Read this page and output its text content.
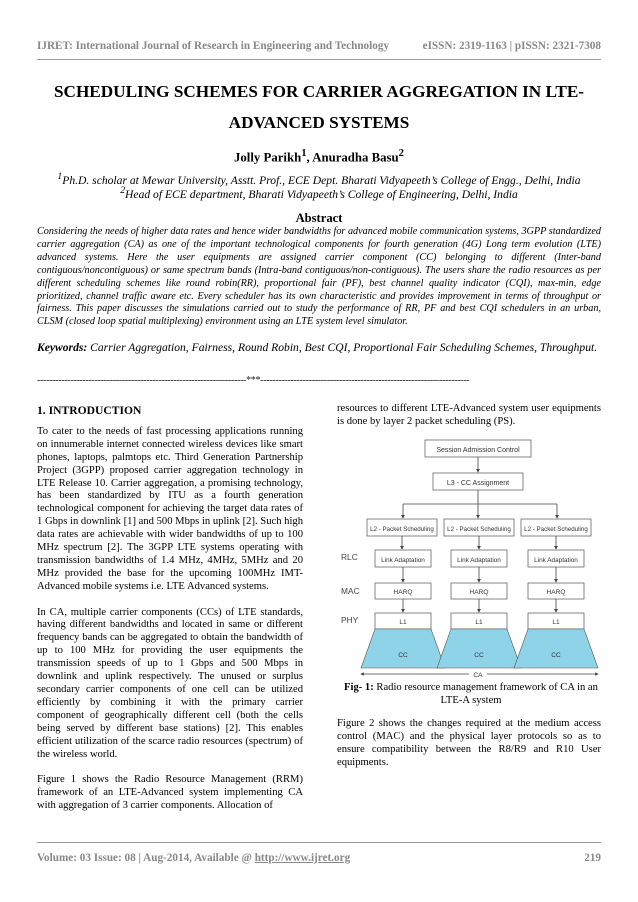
IJRET: International Journal of Research in Engineering and Technology	eISSN: 2319-1163 | pISSN: 2321-7308
SCHEDULING SCHEMES FOR CARRIER AGGREGATION IN LTE-
ADVANCED SYSTEMS
Jolly Parikh$^1$, Anuradha Basu$^2$
$^1$Ph.D. scholar at Mewar University, Asstt. Prof., ECE Dept. Bharati Vidyapeeth’s College of Engg., Delhi, India
$^2$Head of ECE department, Bharati Vidyapeeth’s College of Engineering, Delhi, India
Abstract
Considering the needs of higher data rates and hence wider bandwidths for advanced mobile communication systems, 3GPP standardized carrier aggregation (CA) as one of the important technological components for fourth generation (4G) Long term evolution (LTE) advanced systems. Here the user equipments are assigned carrier component (CC) belonging to different (Inter-band contiguous/noncontiguous) or same spectrum bands (Intra-band contiguous/non-contiguous). The users share the radio resources as per different scheduling schemes like round robin(RR), proportional fair (PF), best channel quality indicator (CQI), max-min, edge prioritized, channel traffic aware etc. Every scheduler has its own characteristic and provides improvement in terms of throughput or fairness. This paper discusses the simulations carried out to study the performance of RR, PF and best CQI schedulers in an urban, CLSM (closed loop spatial multiplexing) environment using an LTE system level simulator.
Keywords: Carrier Aggregation, Fairness, Round Robin, Best CQI, Proportional Fair Scheduling Schemes, Throughput.
---------------------------------------------------------------------***---------------------------------------------------------------------

1. INTRODUCTION

To cater to the needs of fast processing applications running on innumerable internet connected wireless devices like smart phones, laptops, palmtops etc. Third Generation Partnership Project (3GPP) proposed carrier aggregation technology in LTE Release 10. Carrier aggregation, a promising technology, has been standardized by ITU as a fourth generation technological component for achieving the target data rates of 1 Gbps in downlink [1] and 500 Mbps in uplink [2]. Such high data rates are achievable with wider bandwidths of up to 100 MHz spectrum [2]. The 3GPP LTE systems operating with transmission bandwidths of 1.4 MHz, 4MHz, 5MHz and 20 MHz provided the base for the upcoming 100MHz IMT-Advanced mobile systems i.e. LTE Advanced systems.

In CA, multiple carrier components (CCs) of LTE standards, having different bandwidths and located in same or different frequency bands can be aggregated to obtain the bandwidth of up to 100 MHz for providing the user equipments the transmission speeds of up to 1 Gbps and 500 Mbps in downlink and uplink respectively. The unused or surplus secondary carrier components of one cell can be utilized efficiently by combining it with the primary carrier component of geographically different cell (both the cells being served by different base stations) [2]. This enables efficient utilization of the scarce radio resources (spectrum) of the wireless world.

Figure 1 shows the Radio Resource Management (RRM) framework of an LTE-Advanced system implementing CA with aggregation of 3 carrier components. Allocation of

resources to different LTE-Advanced system user equipments is done by layer 2 packet scheduling (PS).

Session Admission Control
L3 - CC Assignment
L2 - Packet Scheduling L2 - Packet Scheduling L2 - Packet Scheduling
RLC
MAC
PHY
Link Adaptation	Link Adaptation	Link Adaptation
HARQ	HARQ	HARQ
L1	L1	L1
CC	CC	CC
CA
Fig- 1: Radio resource management framework of CA in an LTE-A system

Figure 2 shows the changes required at the medium access control (MAC) and the physical layer protocols so as to ensure compatibility between the R8/R9 and R10 User equipments.

Volume: 03 Issue: 08 | Aug-2014, Available @ http://www.ijret.org	219
